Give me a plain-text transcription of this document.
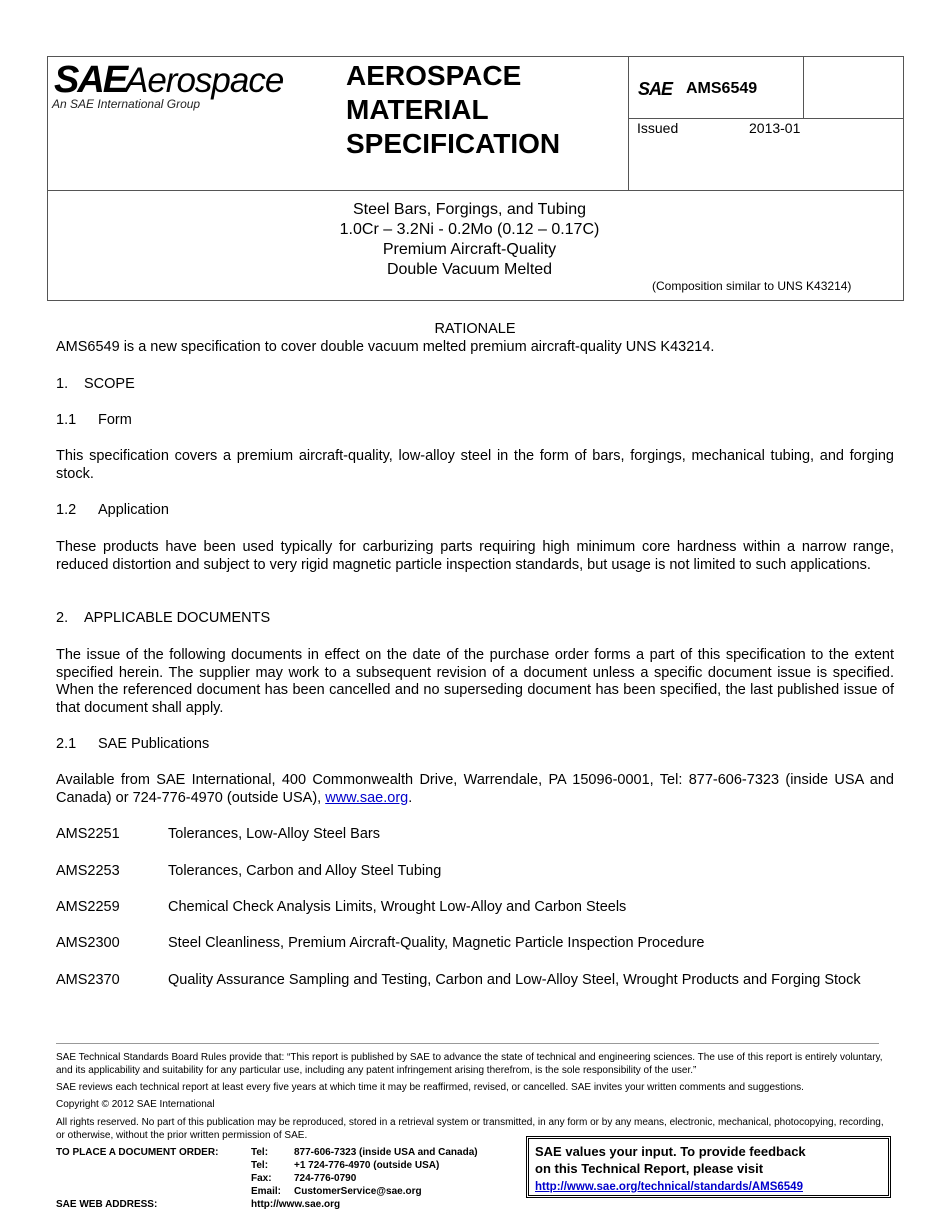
SAE
Aerospace
An SAE International Group
AEROSPACE
MATERIAL
SPECIFICATION
SAE AMS6549
Issued	2013-01
Steel Bars, Forgings, and Tubing
1.0Cr – 3.2Ni - 0.2Mo (0.12 – 0.17C)
Premium Aircraft-Quality
Double Vacuum Melted
(Composition similar to UNS K43214)
RATIONALE
AMS6549 is a new specification to cover double vacuum melted premium aircraft-quality UNS K43214.
1. SCOPE
1.1 Form
This specification covers a premium aircraft-quality, low-alloy steel in the form of bars, forgings, mechanical tubing, and forging stock.
1.2 Application
These products have been used typically for carburizing parts requiring high minimum core hardness within a narrow range, reduced distortion and subject to very rigid magnetic particle inspection standards, but usage is not limited to such applications.
2. APPLICABLE DOCUMENTS
The issue of the following documents in effect on the date of the purchase order forms a part of this specification to the extent specified herein. The supplier may work to a subsequent revision of a document unless a specific document issue is specified. When the referenced document has been cancelled and no superseding document has been specified, the last published issue of that document shall apply.
2.1 SAE Publications
Available from SAE International, 400 Commonwealth Drive, Warrendale, PA 15096-0001, Tel: 877-606-7323 (inside USA and Canada) or 724-776-4970 (outside USA), www.sae.org.
AMS2251	Tolerances, Low-Alloy Steel Bars
AMS2253	Tolerances, Carbon and Alloy Steel Tubing
AMS2259	Chemical Check Analysis Limits, Wrought Low-Alloy and Carbon Steels
AMS2300	Steel Cleanliness, Premium Aircraft-Quality, Magnetic Particle Inspection Procedure
AMS2370	Quality Assurance Sampling and Testing, Carbon and Low-Alloy Steel, Wrought Products and Forging Stock
SAE Technical Standards Board Rules provide that: “This report is published by SAE to advance the state of technical and engineering sciences. The use of this report is entirely voluntary, and its applicability and suitability for any particular use, including any patent infringement arising therefrom, is the sole responsibility of the user.”
SAE reviews each technical report at least every five years at which time it may be reaffirmed, revised, or cancelled. SAE invites your written comments and suggestions.
Copyright © 2012 SAE International
All rights reserved. No part of this publication may be reproduced, stored in a retrieval system or transmitted, in any form or by any means, electronic, mechanical, photocopying, recording, or otherwise, without the prior written permission of SAE.
TO PLACE A DOCUMENT ORDER:	Tel:	877-606-7323 (inside USA and Canada)
Tel:	+1 724-776-4970 (outside USA)
Fax: 724-776-0790
Email: CustomerService@sae.org
SAE WEB ADDRESS:	http://www.sae.org
SAE values your input. To provide feedback
on this Technical Report, please visit
http://www.sae.org/technical/standards/AMS6549
